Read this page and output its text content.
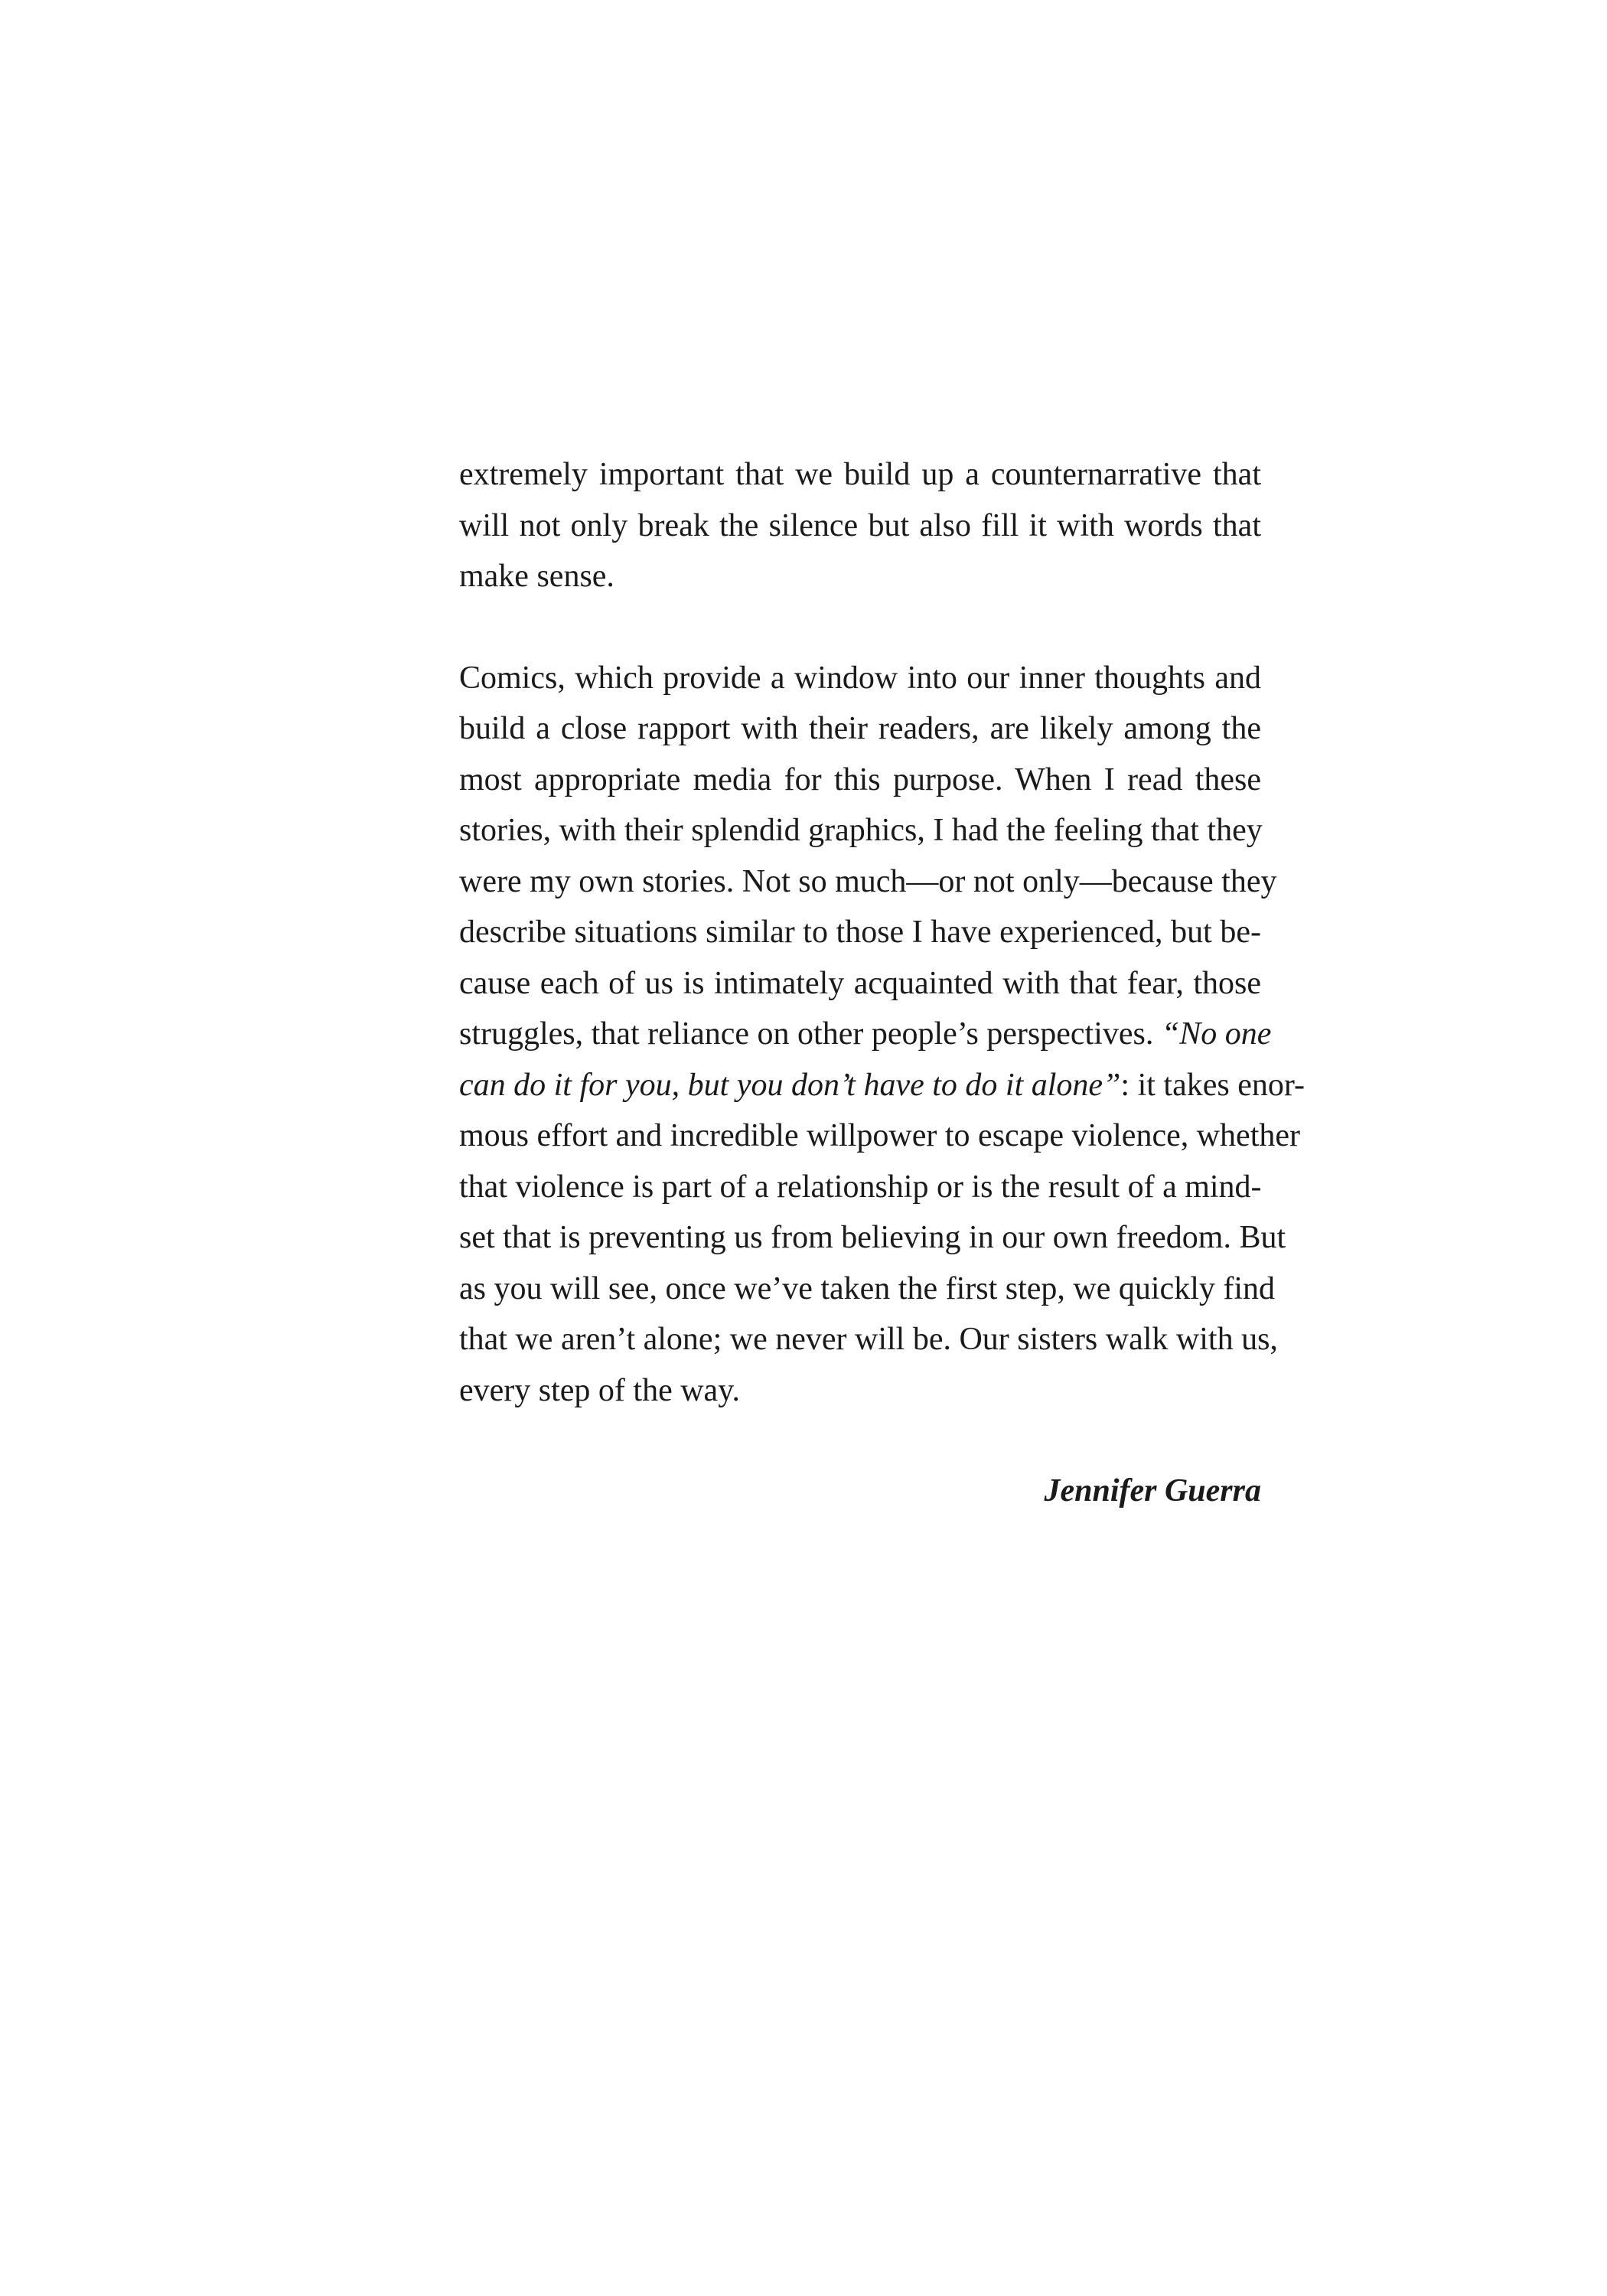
extremely important that we build up a counternarrative that
will not only break the silence but also fill it with words that
make sense.

Comics, which provide a window into our inner thoughts and
build a close rapport with their readers, are likely among the
most appropriate media for this purpose. When I read these
stories, with their splendid graphics, I had the feeling that they
were my own stories. Not so much—or not only—because they
describe situations similar to those I have experienced, but be-
cause each of us is intimately acquainted with that fear, those
struggles, that reliance on other people’s perspectives. “No one
can do it for you, but you don’t have to do it alone”: it takes enor-
mous effort and incredible willpower to escape violence, whether
that violence is part of a relationship or is the result of a mind-
set that is preventing us from believing in our own freedom. But
as you will see, once we’ve taken the first step, we quickly find
that we aren’t alone; we never will be. Our sisters walk with us,
every step of the way.

Jennifer Guerra
